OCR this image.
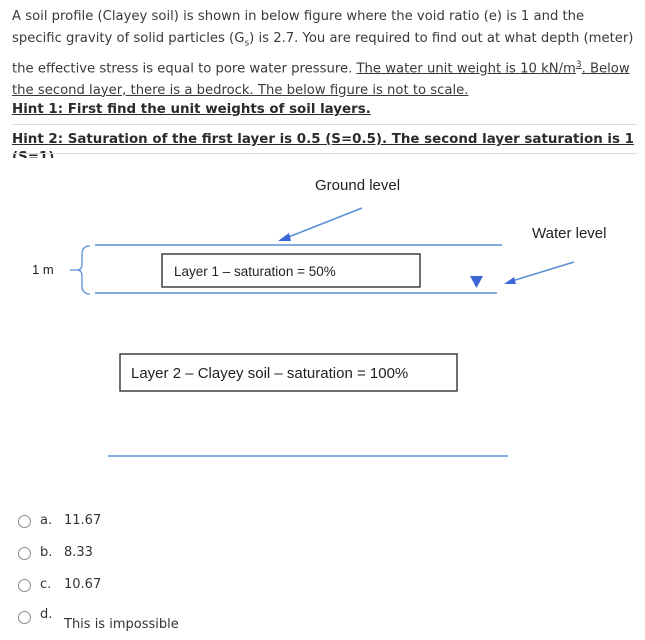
A soil profile (Clayey soil) is shown in below figure where the void ratio (e) is 1 and the
specific gravity of solid particles $(G_s)$ is 2.7. You are required to find out at what depth (meter)
the effective stress is equal to pore water pressure. The water unit weight is 10 $kN/m^3$. Below
the second layer, there is a bedrock. The below figure is not to scale.
Hint 1: First find the unit weights of soil layers.
Hint 2: Saturation of the first layer is 0.5 (S=0.5). The second layer saturation is 1
Ground level
Water level
1 m	Layer 1 – saturation = 50%
Layer 2 – Clayey soil – saturation = 100%
a. 11.67
b. 8.33
c. 10.67
d.
This is impossible
